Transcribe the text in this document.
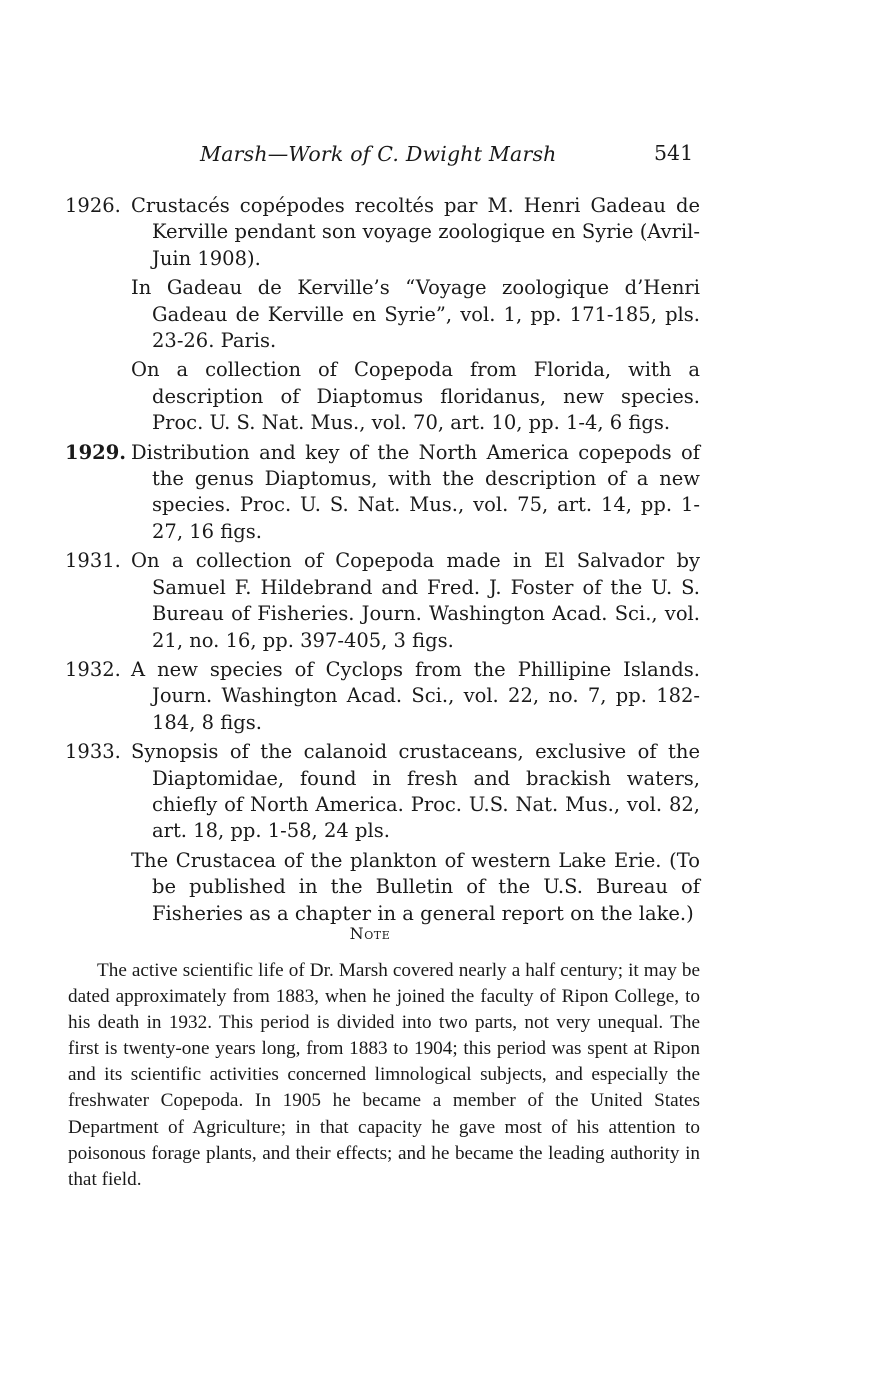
Marsh—Work of C. Dwight Marsh	541
1926. Crustacés copépodes recoltés par M. Henri Gadeau de Kerville pendant son voyage zoologique en Syrie (Avril-Juin 1908).
In Gadeau de Kerville’s “Voyage zoologique d’Henri Gadeau de Kerville en Syrie”, vol. 1, pp. 171-185, pls. 23-26. Paris.
On a collection of Copepoda from Florida, with a description of Diaptomus floridanus, new species. Proc. U. S. Nat. Mus., vol. 70, art. 10, pp. 1-4, 6 figs.
1929. Distribution and key of the North America copepods of the genus Diaptomus, with the description of a new species. Proc. U. S. Nat. Mus., vol. 75, art. 14, pp. 1-27, 16 figs.
1931. On a collection of Copepoda made in El Salvador by Samuel F. Hildebrand and Fred. J. Foster of the U. S. Bureau of Fisheries. Journ. Washington Acad. Sci., vol. 21, no. 16, pp. 397-405, 3 figs.
1932. A new species of Cyclops from the Phillipine Islands. Journ. Washington Acad. Sci., vol. 22, no. 7, pp. 182-184, 8 figs.
1933. Synopsis of the calanoid crustaceans, exclusive of the Diaptomidae, found in fresh and brackish waters, chiefly of North America. Proc. U.S. Nat. Mus., vol. 82, art. 18, pp. 1-58, 24 pls.
The Crustacea of the plankton of western Lake Erie. (To be published in the Bulletin of the U.S. Bureau of Fisheries as a chapter in a general report on the lake.)
Note

The active scientific life of Dr. Marsh covered nearly a half century; it may be dated approximately from 1883, when he joined the faculty of Ripon College, to his death in 1932. This period is divided into two parts, not very unequal. The first is twenty-one years long, from 1883 to 1904; this period was spent at Ripon and its scientific activities concerned limnological subjects, and especially the freshwater Copepoda. In 1905 he became a member of the United States Department of Agriculture; in that capacity he gave most of his attention to poisonous forage plants, and their effects; and he became the leading authority in that field.
